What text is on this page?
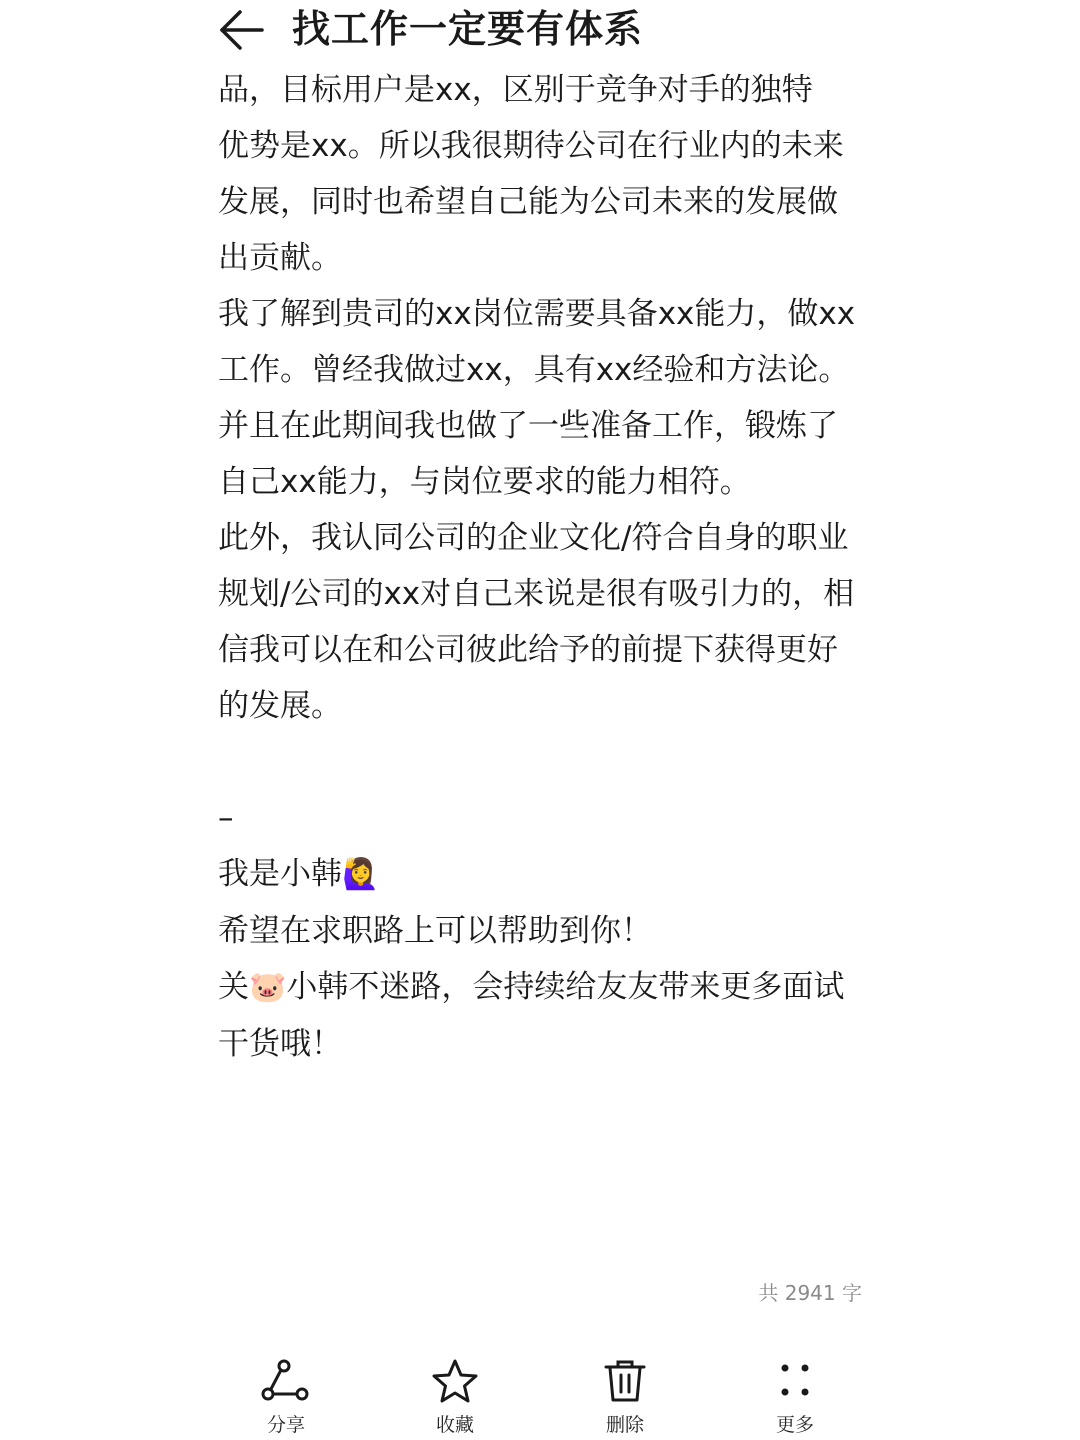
找工作一定要有体系

品，目标用户是xx，区别于竞争对手的独特

优势是xx。所以我很期待公司在行业内的未来发展，同时也希望自己能为公司未来的发展做出贡献。

我了解到贵司的xx岗位需要具备xx能力，做xx工作。曾经我做过xx，具有xx经验和方法论。并且在此期间我也做了一些准备工作，锻炼了自己xx能力，与岗位要求的能力相符。

此外，我认同公司的企业文化/符合自身的职业规划/公司的xx对自己来说是很有吸引力的，相信我可以在和公司彼此给予的前提下获得更好的发展。

–

我是小韩🙋‍♀️

希望在求职路上可以帮助到你！

关🐷小韩不迷路，会持续给友友带来更多面试干货哦！

共 2941 字
分享	收藏	删除	更多
